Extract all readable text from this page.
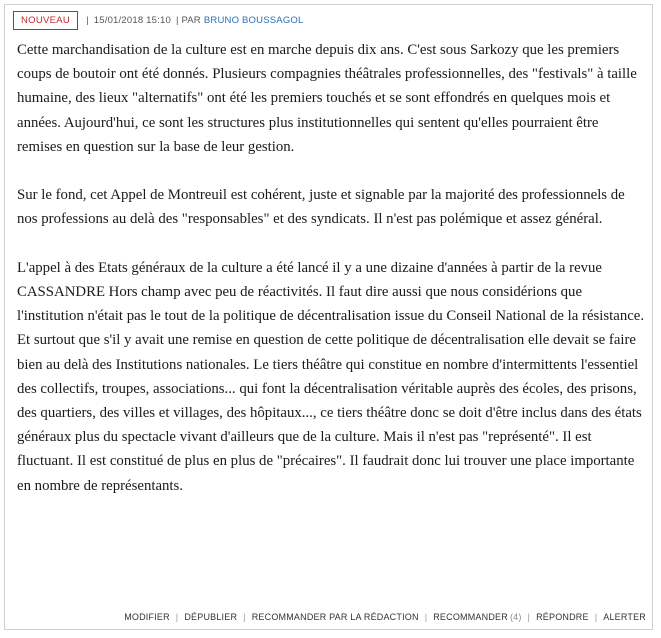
NOUVEAU	| 15/01/2018 15:10 | PAR BRUNO BOUSSAGOL

Cette marchandisation de la culture est en marche depuis dix ans. C'est sous Sarkozy que les premiers coups de boutoir ont été donnés. Plusieurs compagnies théâtrales professionnelles, des "festivals" à taille humaine, des lieux "alternatifs" ont été les premiers touchés et se sont effondrés en quelques mois et années. Aujourd'hui, ce sont les structures plus institutionnelles qui sentent qu'elles pourraient être remises en question sur la base de leur gestion.

Sur le fond, cet Appel de Montreuil est cohérent, juste et signable par la majorité des professionnels de nos professions au delà des "responsables" et des syndicats. Il n'est pas polémique et assez général.

L'appel à des Etats généraux de la culture a été lancé il y a une dizaine d'années à partir de la revue CASSANDRE Hors champ avec peu de réactivités. Il faut dire aussi que nous considérions que l'institution n'était pas le tout de la politique de décentralisation issue du Conseil National de la résistance. Et surtout que s'il y avait une remise en question de cette politique de décentralisation elle devait se faire bien au delà des Institutions nationales. Le tiers théâtre qui constitue en nombre d'intermittents l'essentiel des collectifs, troupes, associations... qui font la décentralisation véritable auprès des écoles, des prisons, des quartiers, des villes et villages, des hôpitaux..., ce tiers théâtre donc se doit d'être inclus dans des états généraux plus du spectacle vivant d'ailleurs que de la culture. Mais il n'est pas "représenté". Il est fluctuant. Il est constitué de plus en plus de "précaires". Il faudrait donc lui trouver une place importante en nombre de représentants.

MODIFIER | DÉPUBLIER | RECOMMANDER PAR LA RÉDACTION | RECOMMANDER (4) | RÉPONDRE | ALERTER
